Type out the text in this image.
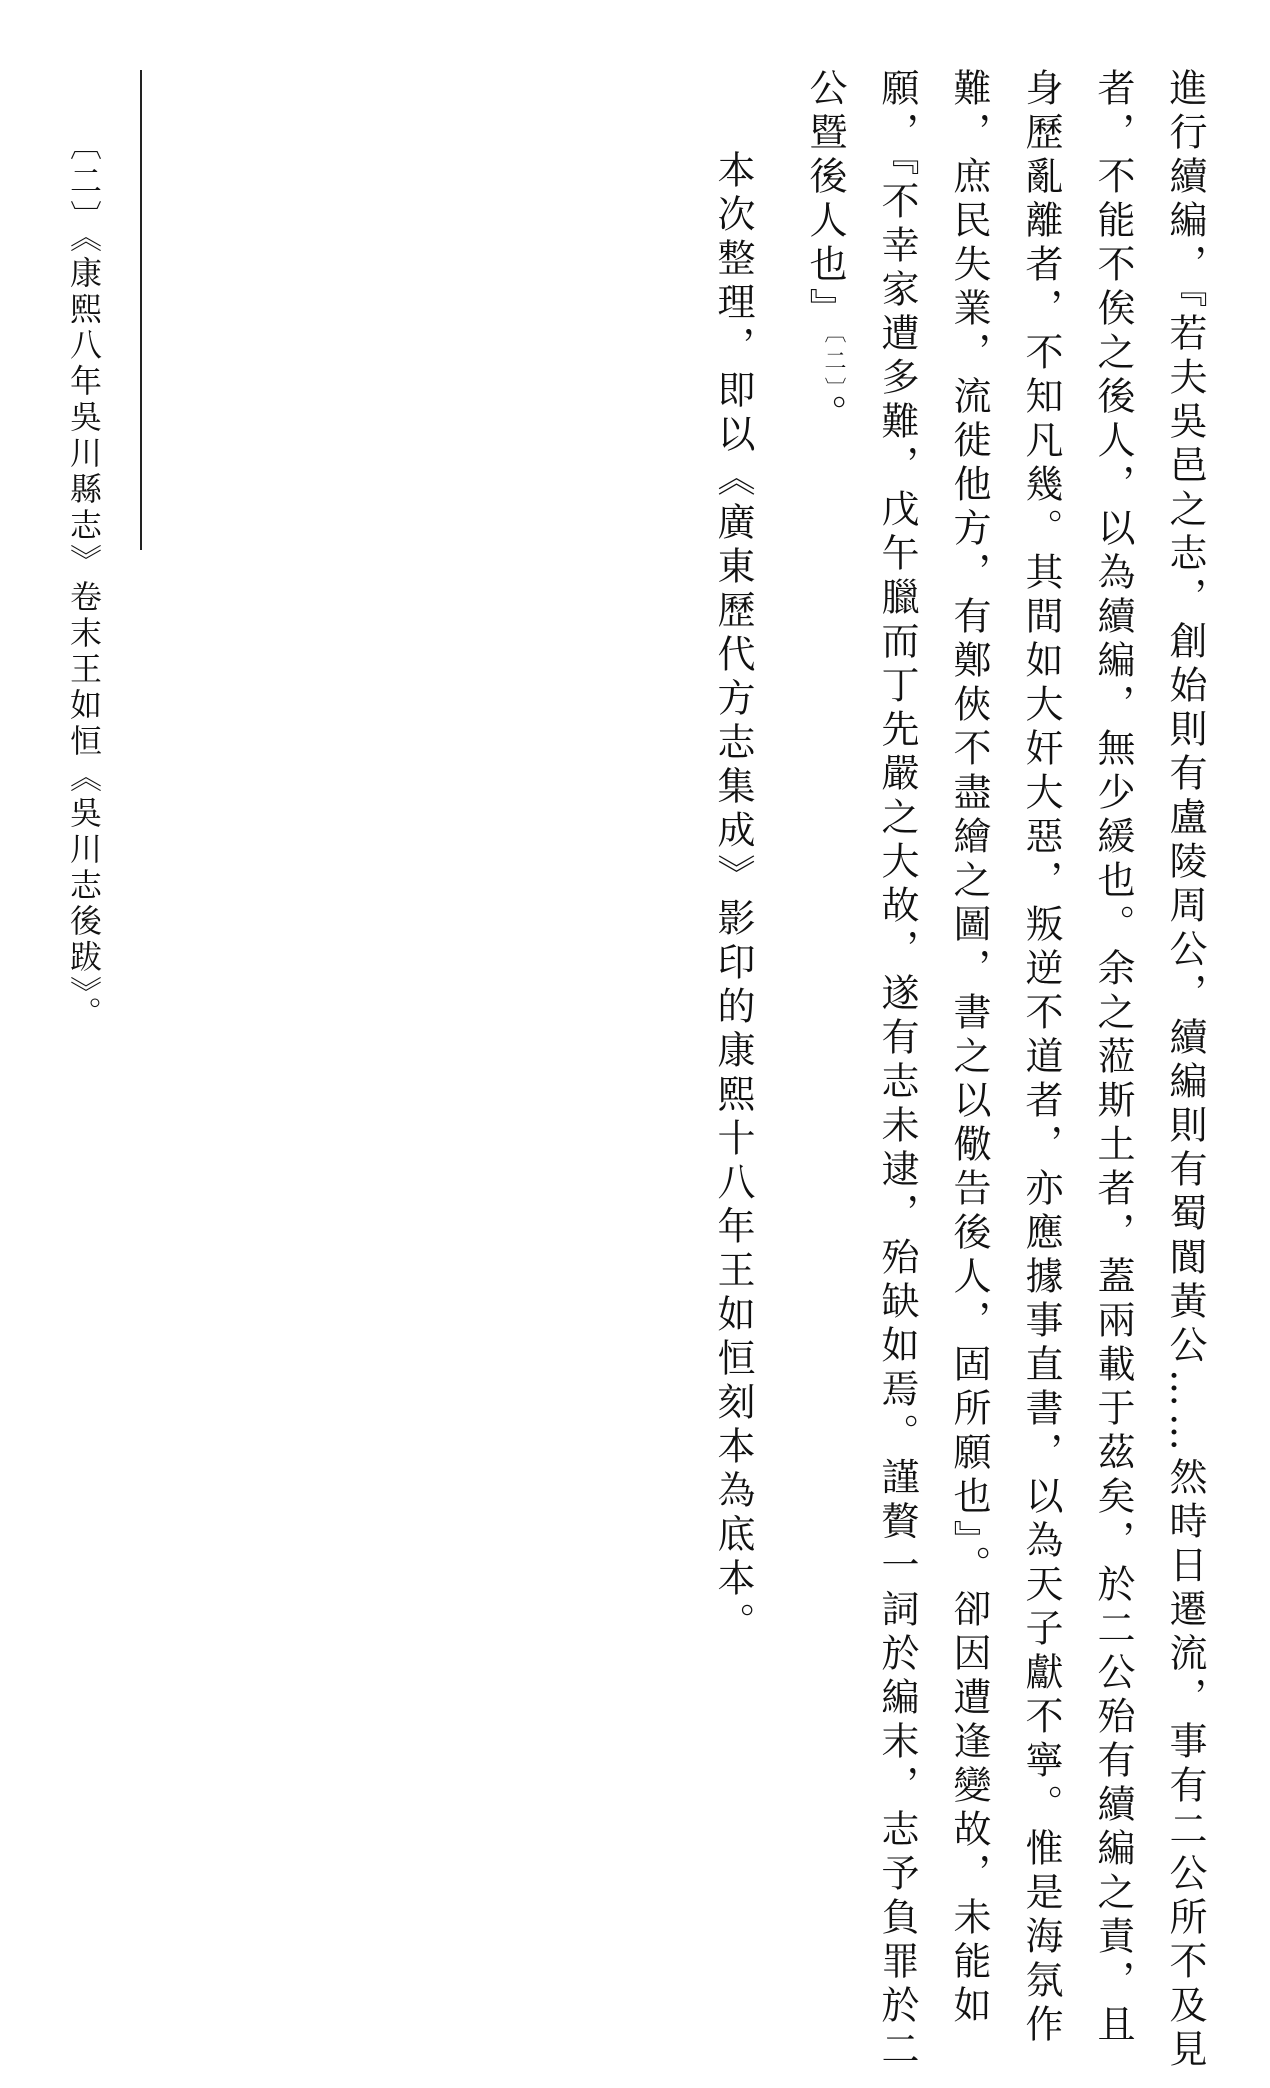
進行續編，『若夫吳邑之志，創始則有盧陵周公，續編則有蜀閬黃公……然時日遷流，事有二公所不及見

者，不能不俟之後人，以為續編，無少緩也。余之蒞斯土者，蓋兩載于茲矣，於二公殆有續編之責，且

身歷亂離者，不知凡幾。其間如大奸大惡，叛逆不道者，亦應據事直書，以為天子獻不寧。惟是海氛作

難，庶民失業，流徙他方，有鄭俠不盡繪之圖，書之以儆告後人，固所願也』。卻因遭逢變故，未能如

願，『不幸家遭多難，戊午臘而丁先嚴之大故，遂有志未逮，殆缺如焉。謹贅一詞於編末，志予負罪於二

公暨後人也』$^{〔二〕}$。

本次整理，即以《廣東歷代方志集成》影印的康熙十八年王如恒刻本為底本。

〔二〕《康熙八年吳川縣志》卷末王如恒《吳川志後跋》。
